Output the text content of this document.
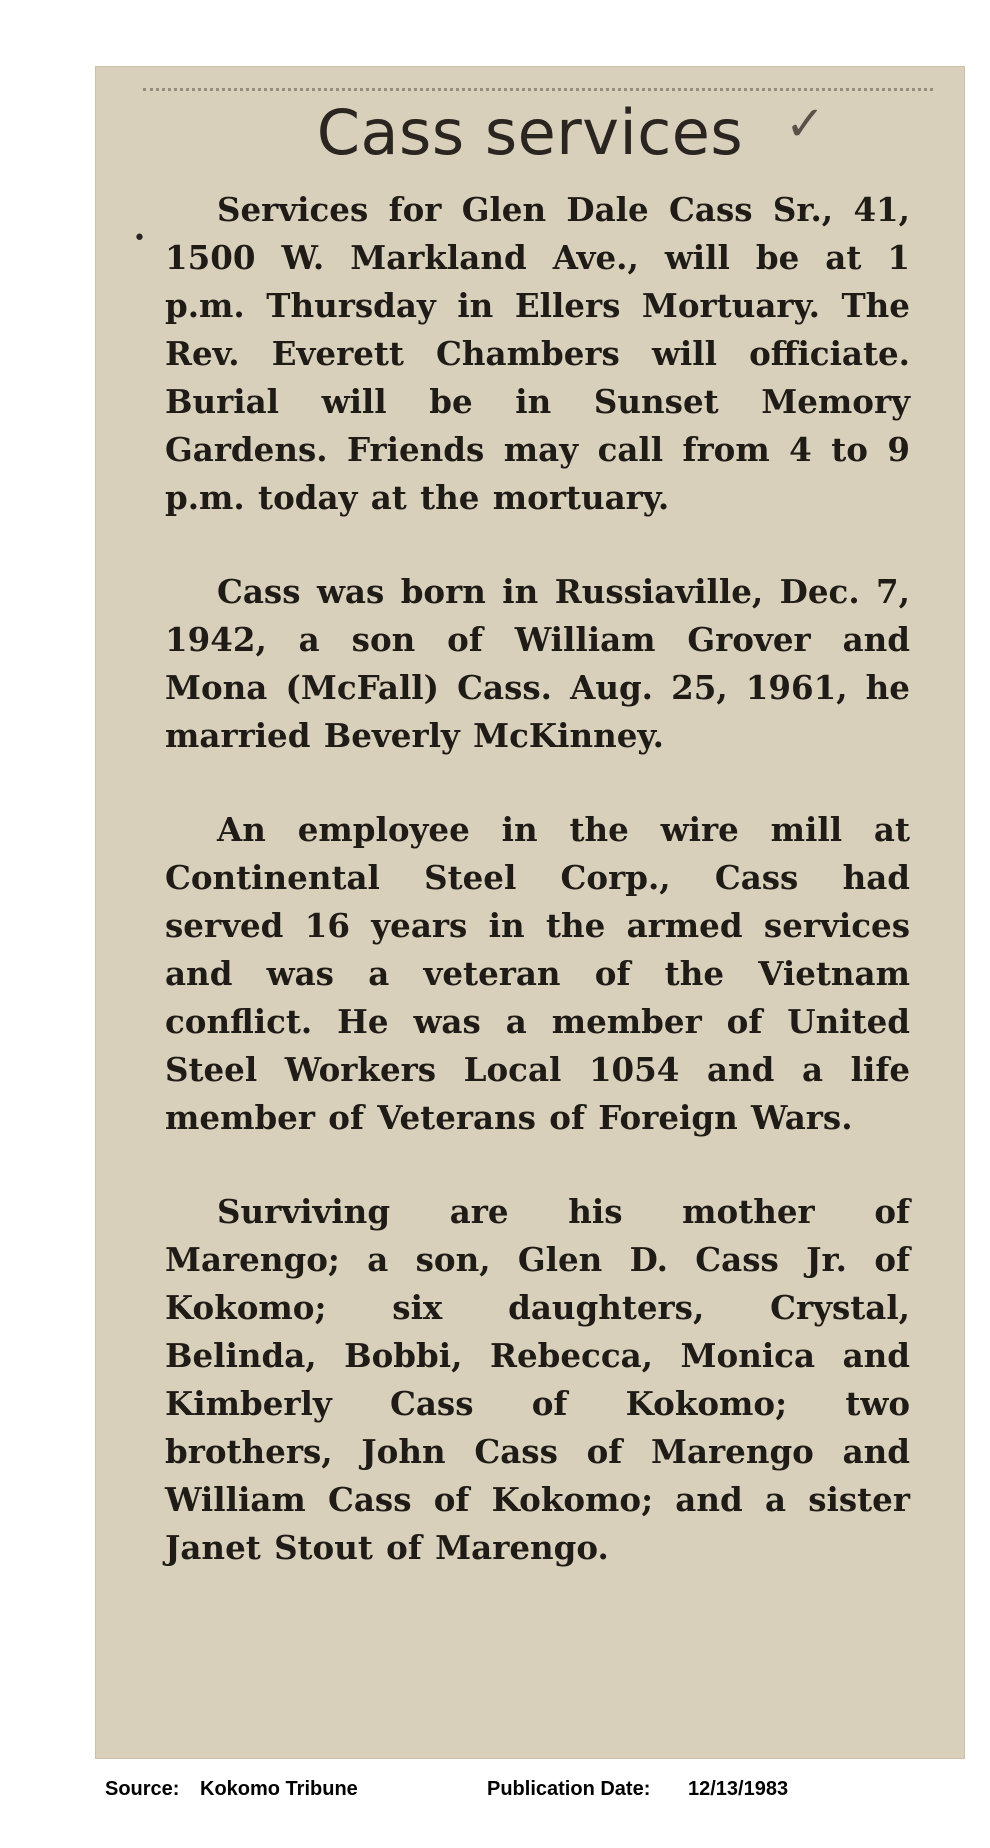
Cass services ✓
•

Services for Glen Dale Cass Sr., 41, 1500 W. Markland Ave., will be at 1 p.m. Thursday in Ellers Mortuary. The Rev. Everett Chambers will officiate. Burial will be in Sunset Memory Gardens. Friends may call from 4 to 9 p.m. today at the mortuary.

Cass was born in Russiaville, Dec. 7, 1942, a son of William Grover and Mona (McFall) Cass. Aug. 25, 1961, he married Beverly McKinney.

An employee in the wire mill at Continental Steel Corp., Cass had served 16 years in the armed services and was a veteran of the Vietnam conflict. He was a member of United Steel Workers Local 1054 and a life member of Veterans of Foreign Wars.

Surviving are his mother of Marengo; a son, Glen D. Cass Jr. of Kokomo; six daughters, Crystal, Belinda, Bobbi, Rebecca, Monica and Kimberly Cass of Kokomo; two brothers, John Cass of Marengo and William Cass of Kokomo; and a sister Janet Stout of Marengo.

Source: Kokomo Tribune	Publication Date: 12/13/1983
